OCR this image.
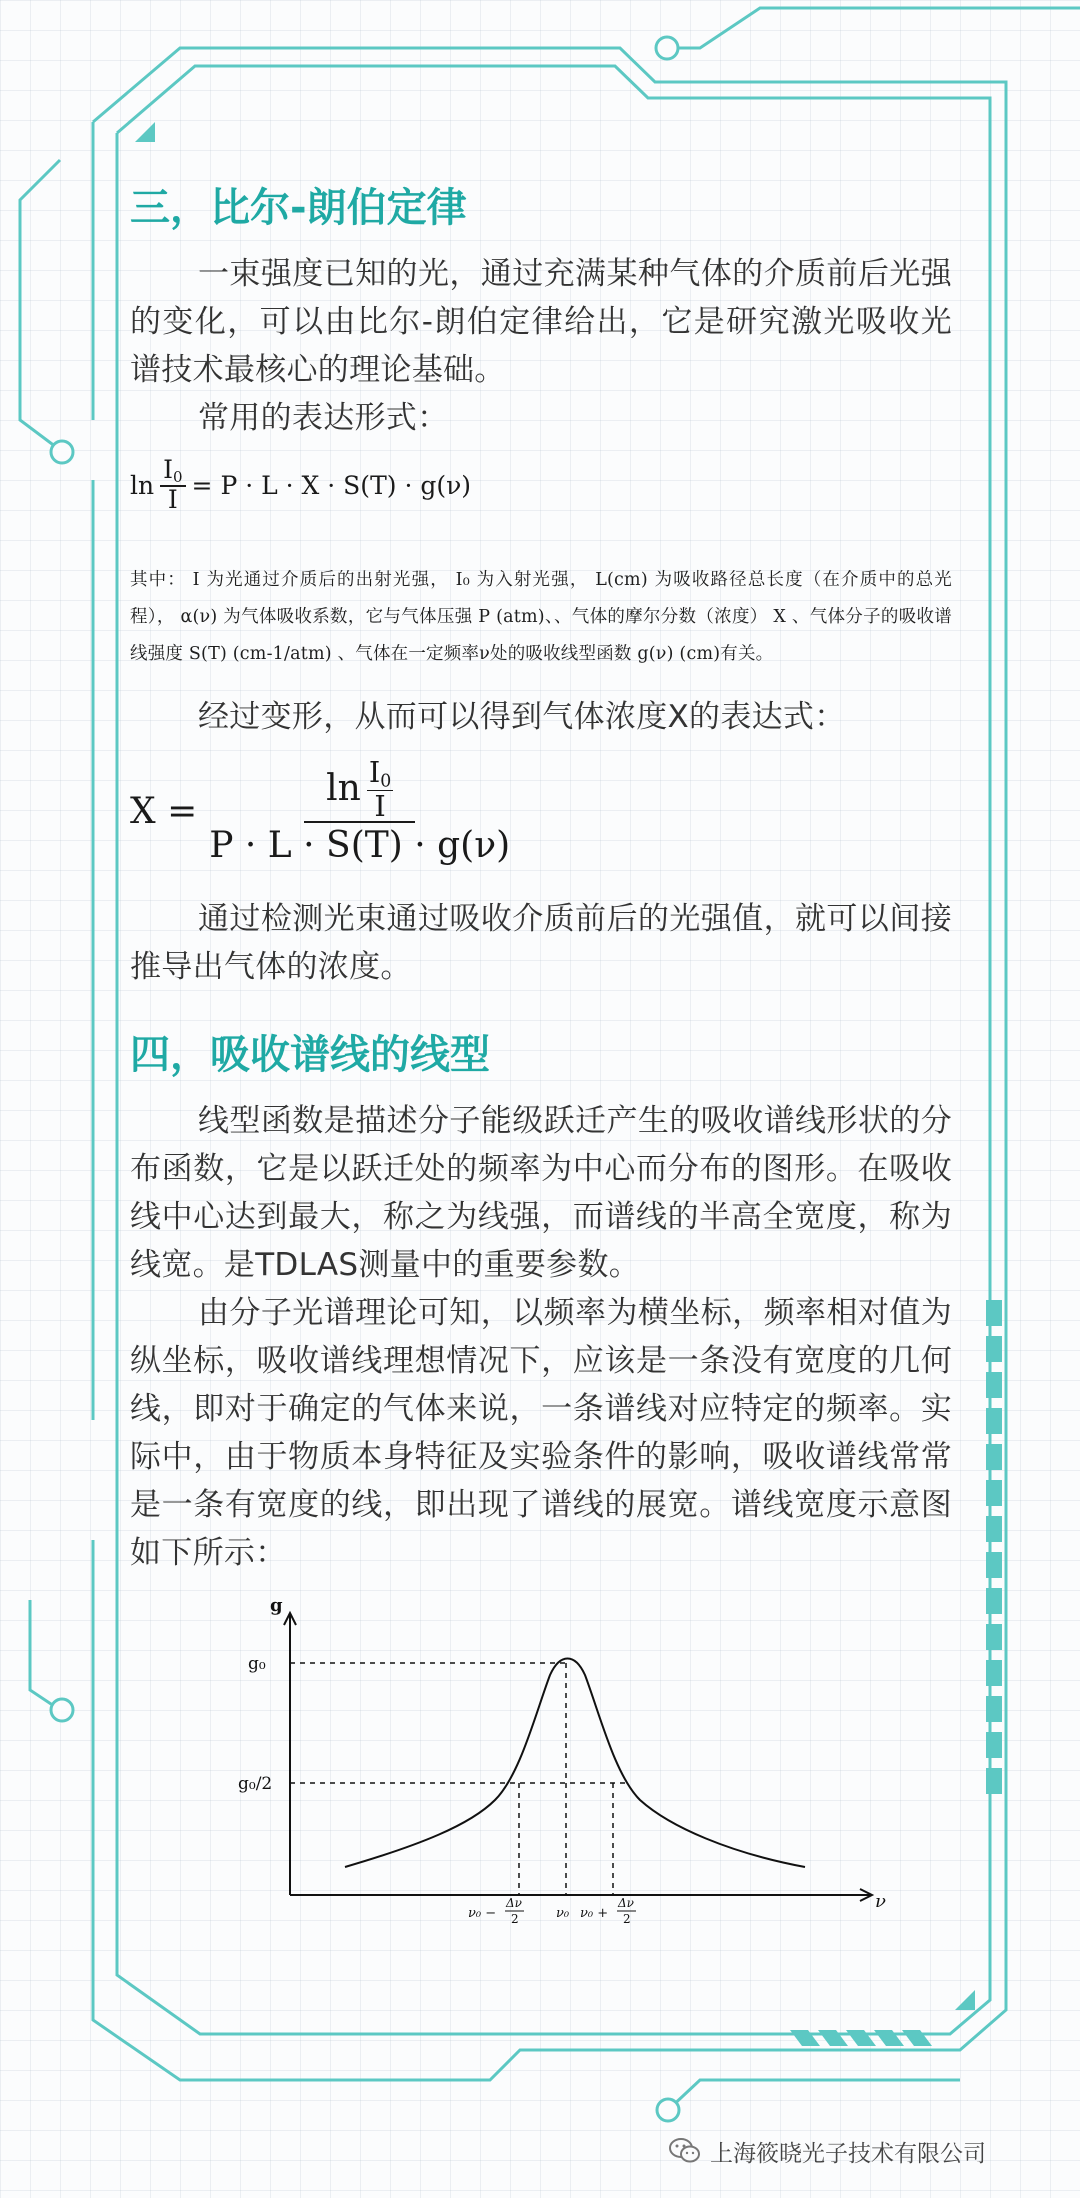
三，比尔-朗伯定律

一束强度已知的光，通过充满某种气体的介质前后光强的变化，可以由比尔-朗伯定律给出，它是研究激光吸收光谱技术最核心的理论基础。

常用的表达形式：

$\ln \frac{I_0}{I} = P \cdot L \cdot X \cdot S(T) \cdot g(\nu)$

其中： I 为光通过介质后的出射光强， I₀ 为入射光强， L(cm) 为吸收路径总长度（在介质中的总光程）， α(ν) 为气体吸收系数，它与气体压强 P (atm)、、气体的摩尔分数（浓度） X 、气体分子的吸收谱线强度 S(T) (cm-1/atm) 、气体在一定频率ν处的吸收线型函数 g(ν) (cm)有关。

经过变形，从而可以得到气体浓度X的表达式：

$X = \frac{\ln \frac{I_0}{I}}{P \cdot L \cdot S(T) \cdot g(\nu)}$

通过检测光束通过吸收介质前后的光强值，就可以间接推导出气体的浓度。

四，吸收谱线的线型

线型函数是描述分子能级跃迁产生的吸收谱线形状的分布函数，它是以跃迁处的频率为中心而分布的图形。在吸收线中心达到最大，称之为线强，而谱线的半高全宽度，称为线宽。是TDLAS测量中的重要参数。

由分子光谱理论可知，以频率为横坐标，频率相对值为纵坐标，吸收谱线理想情况下，应该是一条没有宽度的几何线，即对于确定的气体来说，一条谱线对应特定的频率。实际中，由于物质本身特征及实验条件的影响，吸收谱线常常是一条有宽度的线，即出现了谱线的展宽。谱线宽度示意图如下所示：

g
ν
g₀
g₀/2
ν₀ −
Δν
2	ν₀ ν₀ +
Δν
2
上海筱晓光子技术有限公司
